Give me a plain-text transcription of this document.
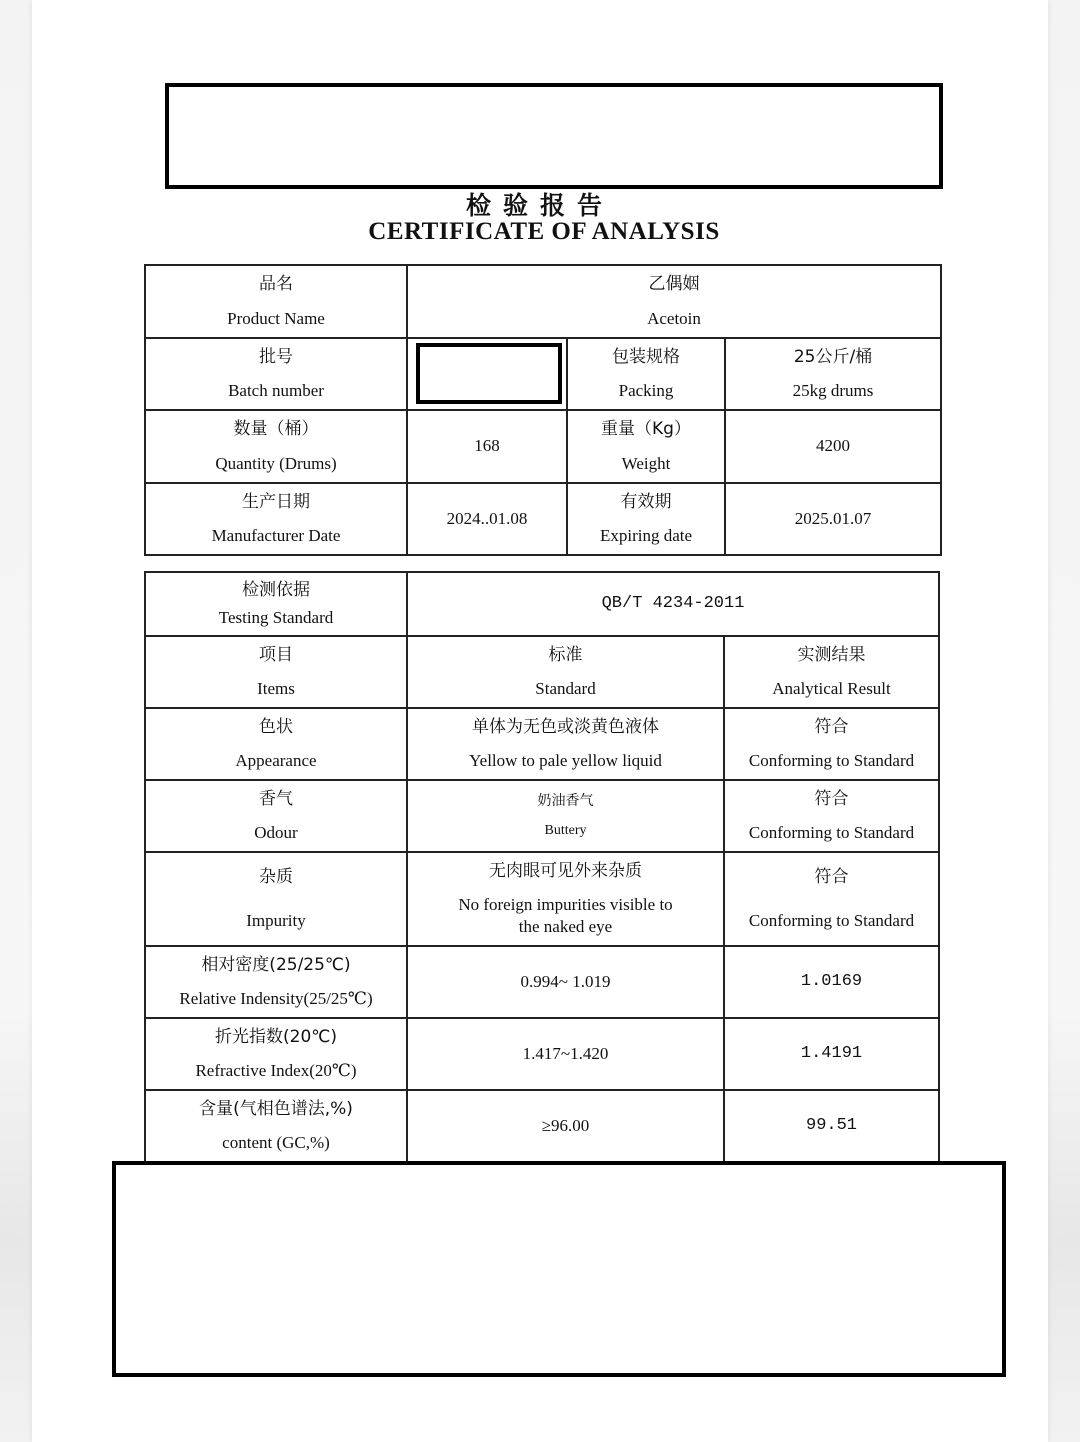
检验报告
CERTIFICATE OF ANALYSIS
品名
Product Name	乙偶姻
Acetoin		

批号
Batch number		包装规格
Packing	25公斤/桶
25kg drums

数量（桶）
Quantity (Drums)	168	重量（Kg）
Weight	4200

生产日期
Manufacturer Date	2024..01.08	有效期
Expiring date	2025.01.07
检测依据
Testing Standard	QB/T 4234-2011	

项目
Items	标准
Standard	实测结果
Analytical Result

色状
Appearance	单体为无色或淡黄色液体
Yellow to pale yellow liquid	符合
Conforming to Standard

香气
Odour	奶油香气
Buttery	符合
Conforming to Standard

杂质
Impurity	无肉眼可见外来杂质
No foreign impurities visible to the naked eye	符合
Conforming to Standard

相对密度(25/25℃)
Relative Indensity(25/25℃)	0.994~ 1.019	1.0169

折光指数(20℃)
Refractive Index(20℃)	1.417~1.420	1.4191

含量(气相色谱法,%)
content (GC,%)	≥96.00	99.51
